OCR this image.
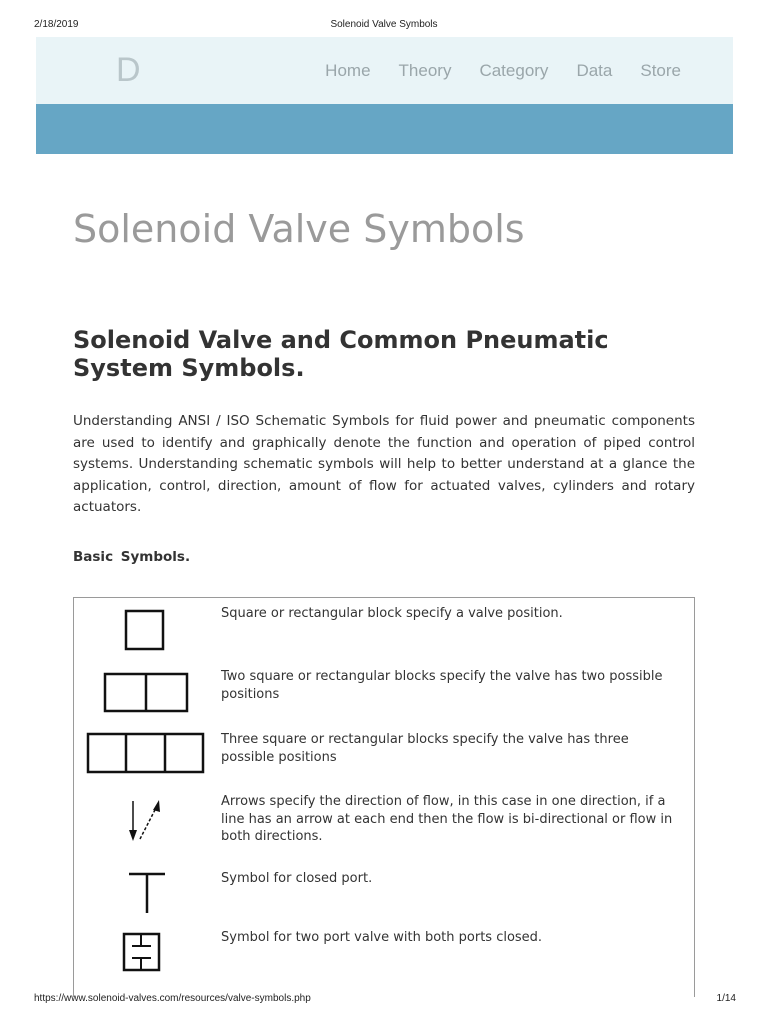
2/18/2019	Solenoid Valve Symbols
D	Home Theory Category Data Store
Solenoid Valve Symbols
Solenoid Valve and Common Pneumatic System Symbols.

Understanding ANSI / ISO Schematic Symbols for fluid power and pneumatic components are used to identify and graphically denote the function and operation of piped control systems. Understanding schematic symbols will help to better understand at a glance the application, control, direction, amount of flow for actuated valves, cylinders and rotary actuators.

Basic Symbols.
Square or rectangular block specify a valve position.
Two square or rectangular blocks specify the valve has two possible positions
Three square or rectangular blocks specify the valve has three possible positions
Arrows specify the direction of flow, in this case in one direction, if a line has an arrow at each end then the flow is bi-directional or flow in both directions.
Symbol for closed port.
Symbol for two port valve with both ports closed.
https://www.solenoid-valves.com/resources/valve-symbols.php	1/14
